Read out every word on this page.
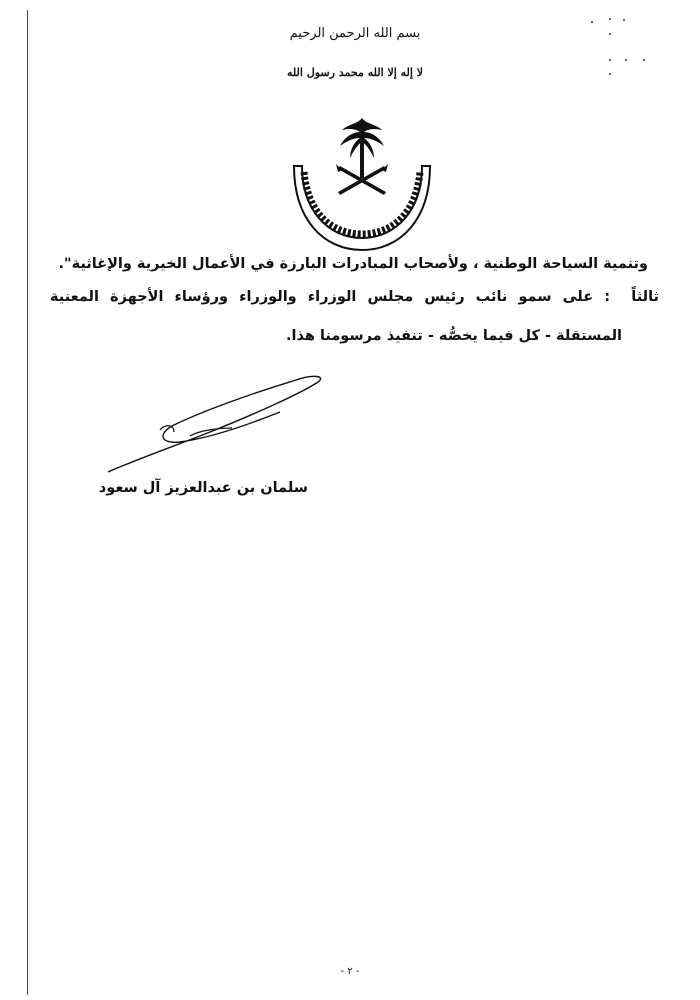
بسم الله الرحمن الرحيم
لا إله إلا الله محمد رسول الله
وتنمية السياحة الوطنية ، ولأصحاب المبادرات البارزة في الأعمال الخيرية والإغاثية".
ثالثاً
: على سمو نائب رئيس مجلس الوزراء والوزراء ورؤساء الأجهزة المعنية
المستقلة - كل فيما يخصُّه - تنفيذ مرسومنا هذا.
سلمان بن عبدالعزيز آل سعود
- ٢ -
